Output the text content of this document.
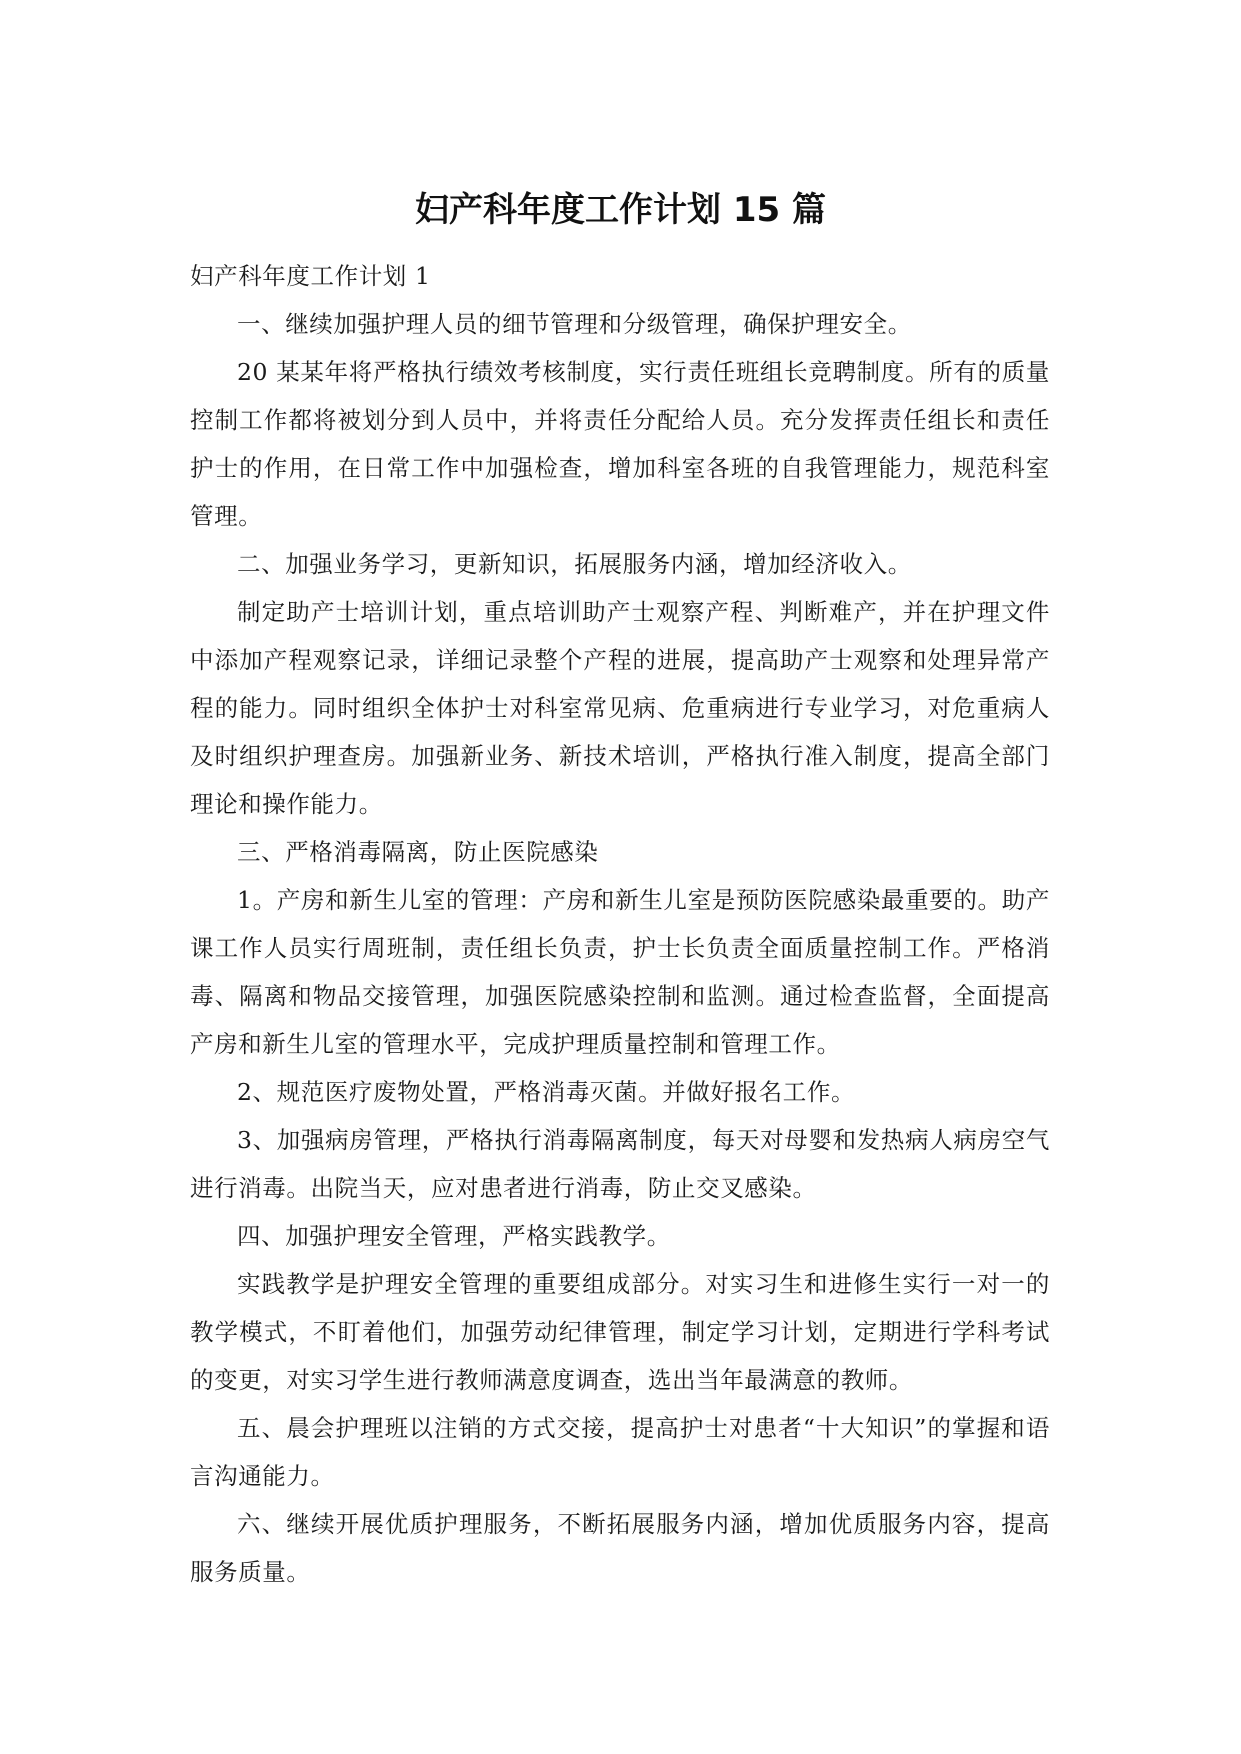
妇产科年度工作计划 15 篇

妇产科年度工作计划 1

一、继续加强护理人员的细节管理和分级管理，确保护理安全。

20 某某年将严格执行绩效考核制度，实行责任班组长竞聘制度。所有的质量控制工作都将被划分到人员中，并将责任分配给人员。充分发挥责任组长和责任护士的作用，在日常工作中加强检查，增加科室各班的自我管理能力，规范科室管理。

二、加强业务学习，更新知识，拓展服务内涵，增加经济收入。

制定助产士培训计划，重点培训助产士观察产程、判断难产，并在护理文件中添加产程观察记录，详细记录整个产程的进展，提高助产士观察和处理异常产程的能力。同时组织全体护士对科室常见病、危重病进行专业学习，对危重病人及时组织护理查房。加强新业务、新技术培训，严格执行准入制度，提高全部门理论和操作能力。

三、严格消毒隔离，防止医院感染

1。产房和新生儿室的管理：产房和新生儿室是预防医院感染最重要的。助产课工作人员实行周班制，责任组长负责，护士长负责全面质量控制工作。严格消毒、隔离和物品交接管理，加强医院感染控制和监测。通过检查监督，全面提高产房和新生儿室的管理水平，完成护理质量控制和管理工作。

2、规范医疗废物处置，严格消毒灭菌。并做好报名工作。

3、加强病房管理，严格执行消毒隔离制度，每天对母婴和发热病人病房空气进行消毒。出院当天，应对患者进行消毒，防止交叉感染。

四、加强护理安全管理，严格实践教学。

实践教学是护理安全管理的重要组成部分。对实习生和进修生实行一对一的教学模式，不盯着他们，加强劳动纪律管理，制定学习计划，定期进行学科考试的变更，对实习学生进行教师满意度调查，选出当年最满意的教师。

五、晨会护理班以注销的方式交接，提高护士对患者“十大知识”的掌握和语言沟通能力。

六、继续开展优质护理服务，不断拓展服务内涵，增加优质服务内容，提高服务质量。
